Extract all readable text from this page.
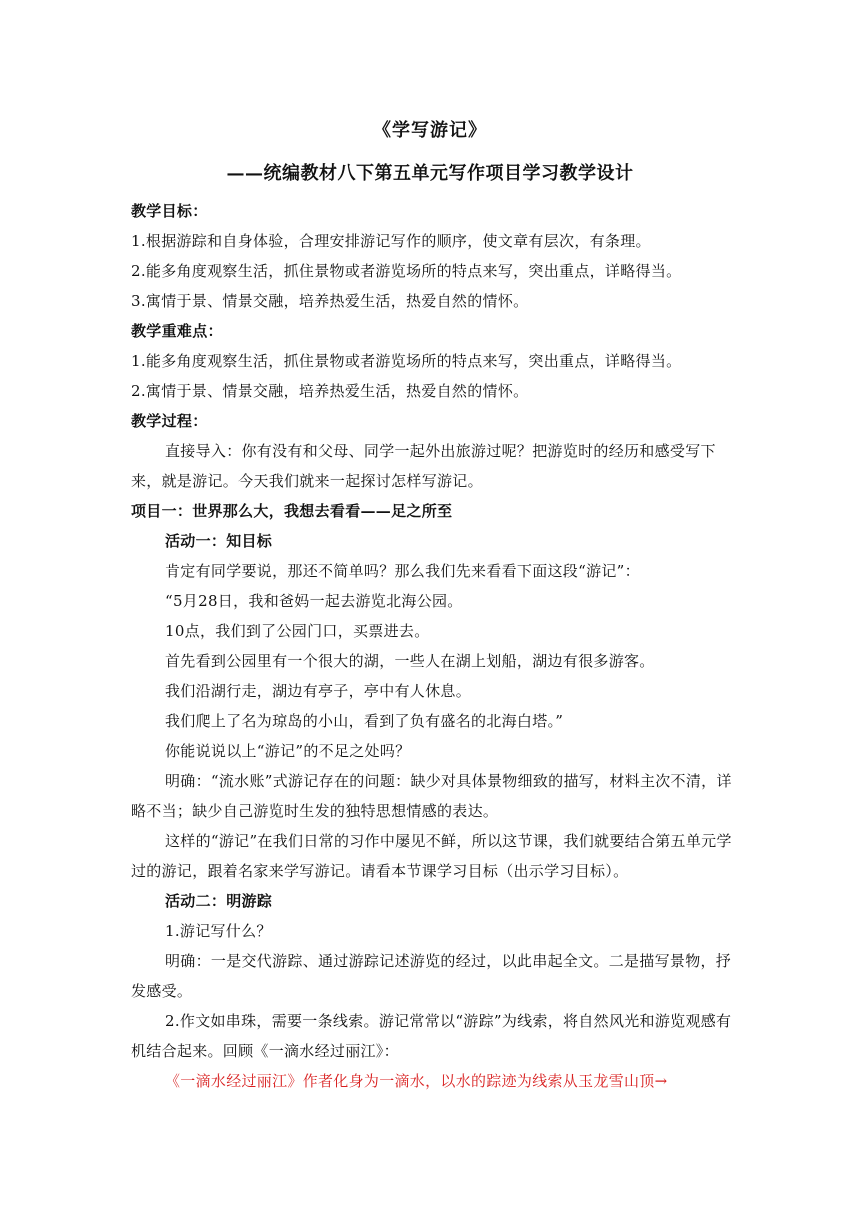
《学写游记》
——统编教材八下第五单元写作项目学习教学设计

教学目标：

1.根据游踪和自身体验，合理安排游记写作的顺序，使文章有层次，有条理。

2.能多角度观察生活，抓住景物或者游览场所的特点来写，突出重点，详略得当。

3.寓情于景、情景交融，培养热爱生活，热爱自然的情怀。

教学重难点：

1.能多角度观察生活，抓住景物或者游览场所的特点来写，突出重点，详略得当。

2.寓情于景、情景交融，培养热爱生活，热爱自然的情怀。

教学过程：

直接导入：你有没有和父母、同学一起外出旅游过呢？把游览时的经历和感受写下来，就是游记。今天我们就来一起探讨怎样写游记。

项目一：世界那么大，我想去看看——足之所至

活动一：知目标

肯定有同学要说，那还不简单吗？那么我们先来看看下面这段“游记”：

“5月28日，我和爸妈一起去游览北海公园。

10点，我们到了公园门口，买票进去。

首先看到公园里有一个很大的湖，一些人在湖上划船，湖边有很多游客。

我们沿湖行走，湖边有亭子，亭中有人休息。

我们爬上了名为琼岛的小山，看到了负有盛名的北海白塔。”

你能说说以上“游记”的不足之处吗？

明确：“流水账”式游记存在的问题：缺少对具体景物细致的描写，材料主次不清，详略不当；缺少自己游览时生发的独特思想情感的表达。

这样的“游记”在我们日常的习作中屡见不鲜，所以这节课，我们就要结合第五单元学过的游记，跟着名家来学写游记。请看本节课学习目标（出示学习目标）。

活动二：明游踪

1.游记写什么？

明确：一是交代游踪、通过游踪记述游览的经过，以此串起全文。二是描写景物，抒发感受。

2.作文如串珠，需要一条线索。游记常常以“游踪”为线索，将自然风光和游览观感有机结合起来。回顾《一滴水经过丽江》：

《一滴水经过丽江》作者化身为一滴水，以水的踪迹为线索从玉龙雪山顶→
